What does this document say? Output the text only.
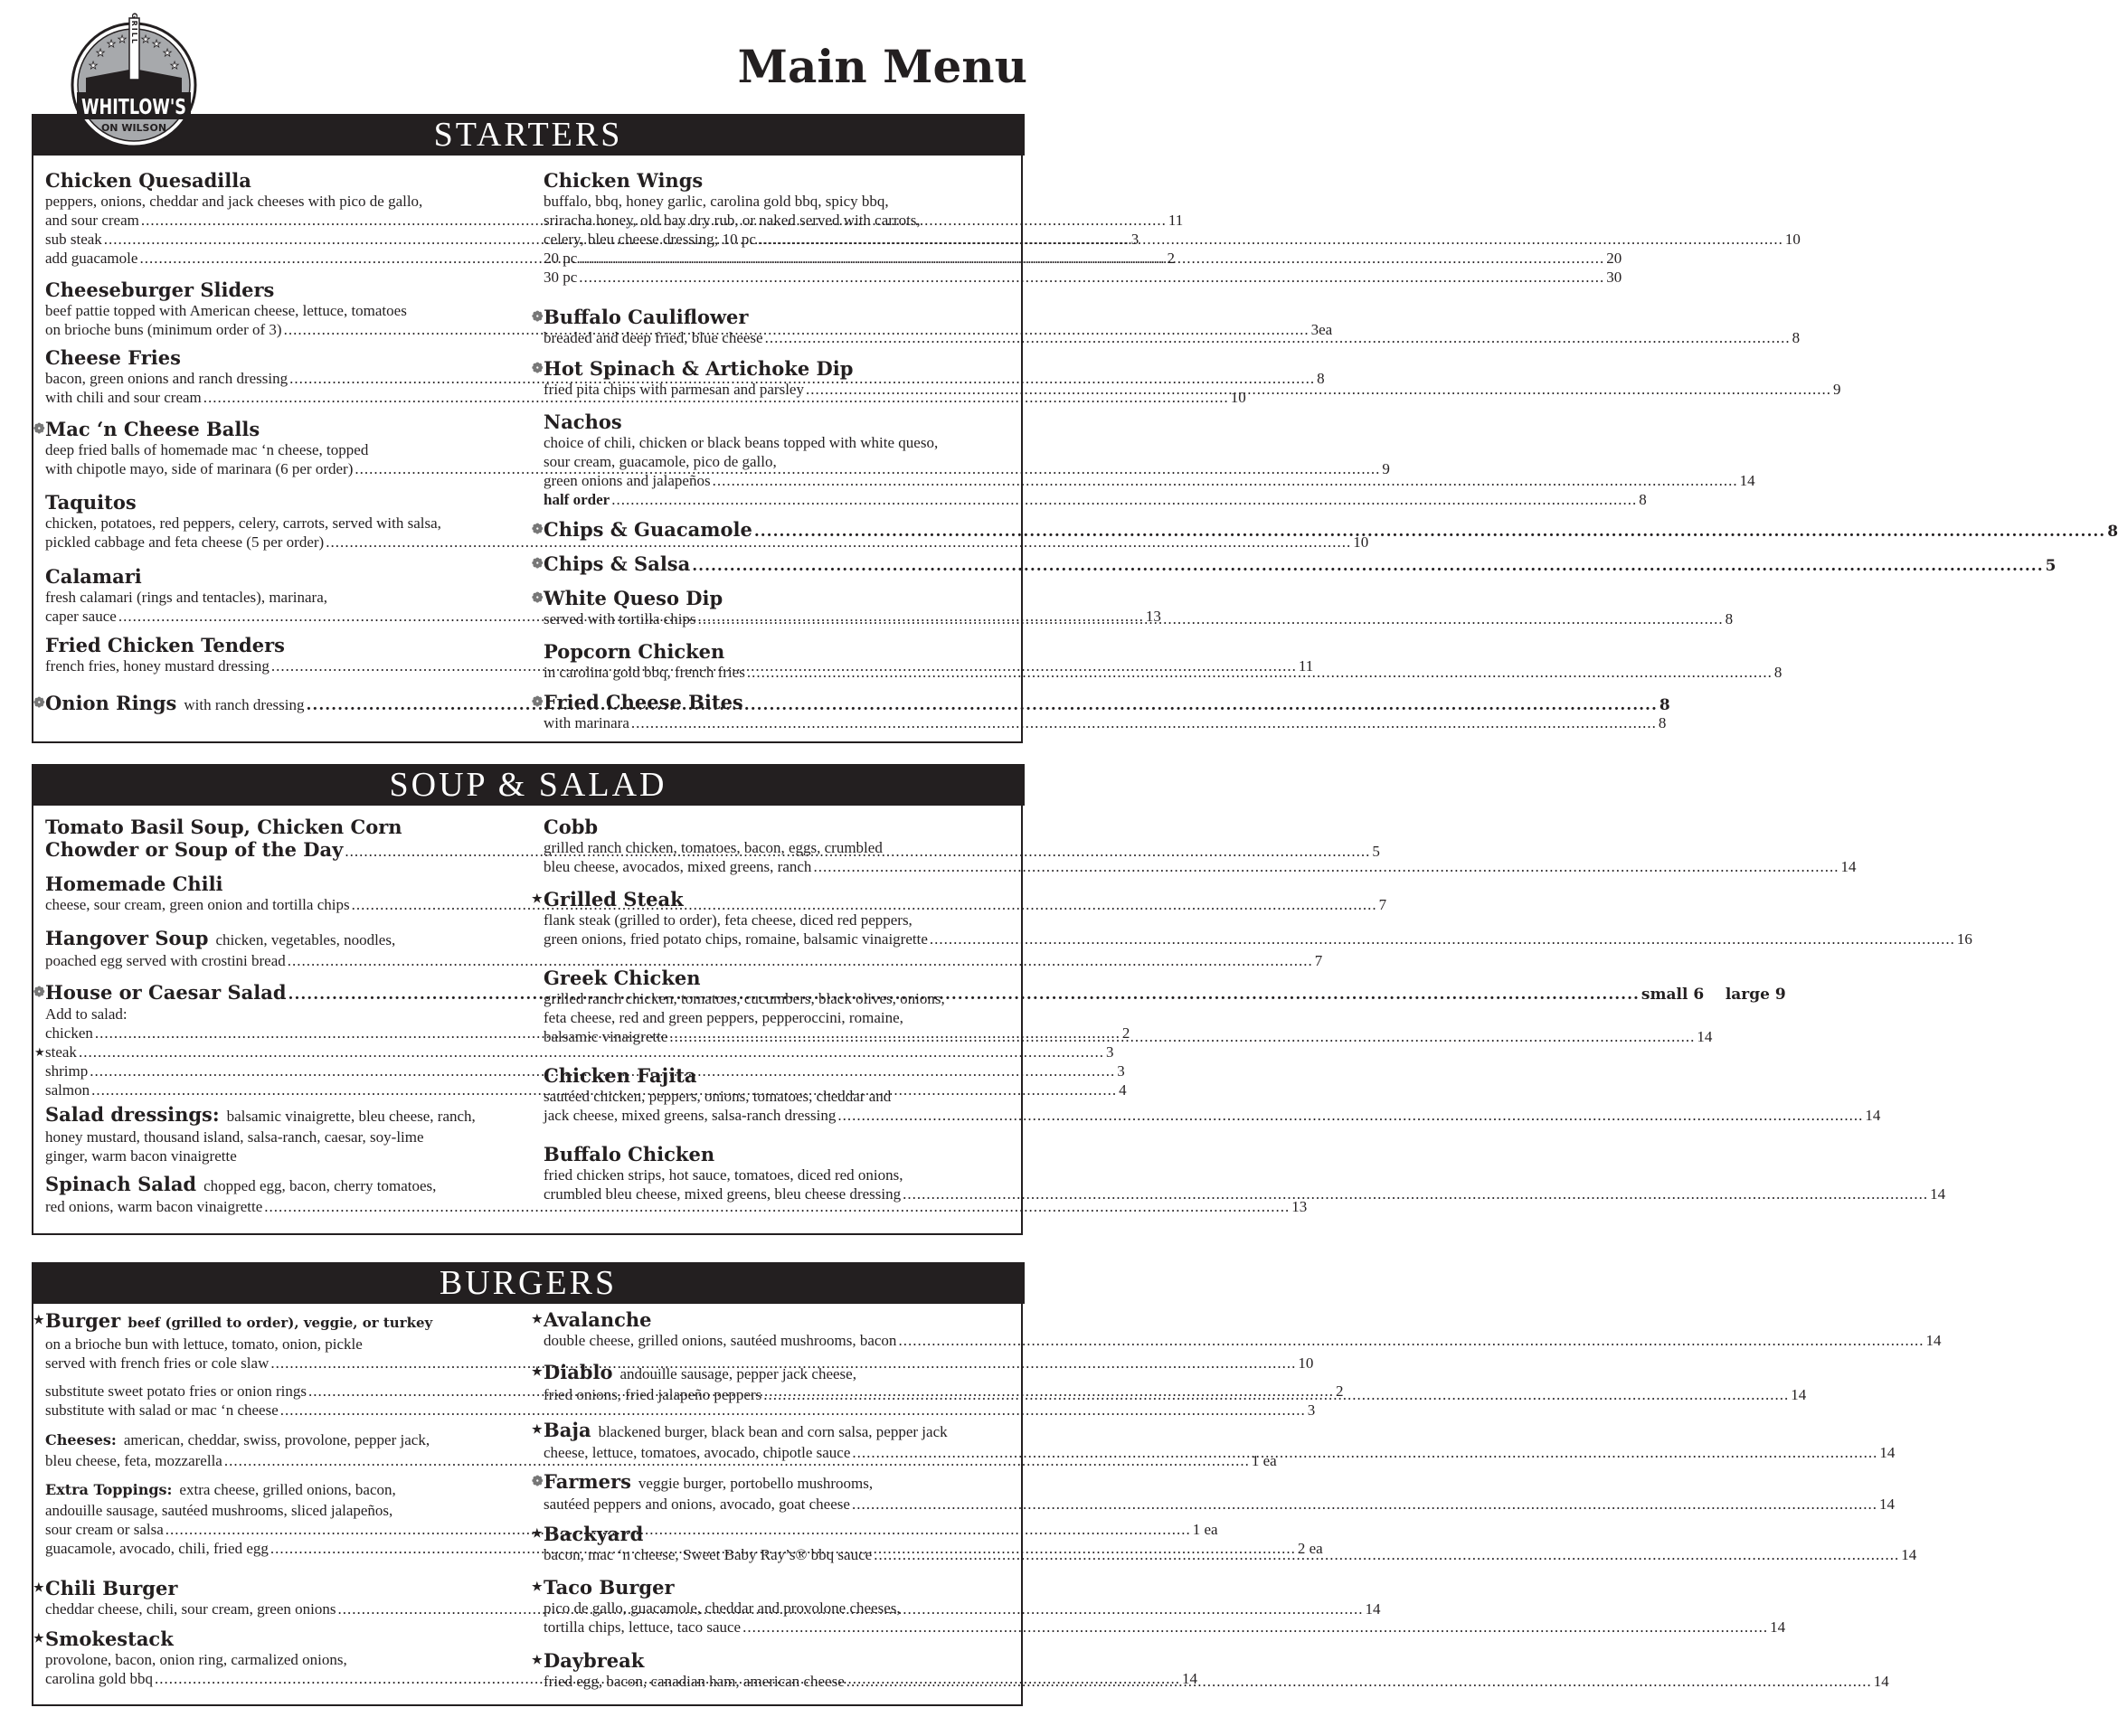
★
★
★ ★ ★ ★
★
★
GRILL
WHITLOW'S
ON WILSON
Main Menu
STARTERS
Chicken Quesadilla
peppers, onions, cheddar and jack cheeses with pico de gallo,
and sour cream .....	11
sub steak .....	3
add guacamole .....	2
Cheeseburger Sliders
beef pattie topped with American cheese, lettuce, tomatoes
on brioche buns (minimum order of 3) .....	3ea
Cheese Fries
bacon, green onions and ranch dressing .....	8
with chili and sour cream .....	10
❁ Mac ‘n Cheese Balls
deep fried balls of homemade mac ‘n cheese, topped
with chipotle mayo, side of marinara (6 per order) .....	9
Taquitos
chicken, potatoes, red peppers, celery, carrots, served with salsa,
pickled cabbage and feta cheese (5 per order) .....	10
Calamari
fresh calamari (rings and tentacles), marinara,
caper sauce .....	13
Fried Chicken Tenders
french fries, honey mustard dressing .....	11
❁ Onion Rings with ranch dressing .....	8
Chicken Wings
buffalo, bbq, honey garlic, carolina gold bbq, spicy bbq,
sriracha honey, old bay dry rub, or naked served with carrots,
celery, bleu cheese dressing; 10 pc .....	10
20 pc .....	20
30 pc .....	30
❁ Buffalo Cauliflower
breaded and deep fried, blue cheese .....	8
❁ Hot Spinach & Artichoke Dip
fried pita chips with parmesan and parsley .....	9
Nachos
choice of chili, chicken or black beans topped with white queso,
sour cream, guacamole, pico de gallo,
green onions and jalapeños .....	14
half order .....	8
❁ Chips & Guacamole .....	8
❁ Chips & Salsa .....	5
❁ White Queso Dip
served with tortilla chips .....	8
Popcorn Chicken
in carolina gold bbq, french fries .....	8
❁ Fried Cheese Bites
with marinara .....	8
SOUP & SALAD
Tomato Basil Soup, Chicken Corn
Chowder or Soup of the Day .....	5
Homemade Chili
cheese, sour cream, green onion and tortilla chips .....	7
Hangover Soup chicken, vegetables, noodles,
poached egg served with crostini bread .....	7
❁ House or Caesar Salad .....	small 6    large 9
Add to salad:
chicken .....	2
★ steak .....	3
shrimp .....	3
salmon .....	4
Salad dressings: balsamic vinaigrette, bleu cheese, ranch,
honey mustard, thousand island, salsa-ranch, caesar, soy-lime
ginger, warm bacon vinaigrette
Spinach Salad chopped egg, bacon, cherry tomatoes,
red onions, warm bacon vinaigrette .....	13
Cobb
grilled ranch chicken, tomatoes, bacon, eggs, crumbled
bleu cheese, avocados, mixed greens, ranch .....	14
★ Grilled Steak
flank steak (grilled to order), feta cheese, diced red peppers,
green onions, fried potato chips, romaine, balsamic vinaigrette .....	16
Greek Chicken
grilled ranch chicken, tomatoes, cucumbers, black olives, onions,
feta cheese, red and green peppers, pepperoccini, romaine,
balsamic vinaigrette .....	14
Chicken Fajita
sautéed chicken, peppers, onions, tomatoes, cheddar and
jack cheese, mixed greens, salsa-ranch dressing .....	14
Buffalo Chicken
fried chicken strips, hot sauce, tomatoes, diced red onions,
crumbled bleu cheese, mixed greens, bleu cheese dressing .....	14
BURGERS
★ Burger beef (grilled to order), veggie, or turkey
on a brioche bun with lettuce, tomato, onion, pickle
served with french fries or cole slaw .....	10
substitute sweet potato fries or onion rings .....	2
substitute with salad or mac ‘n cheese .....	3
Cheeses: american, cheddar, swiss, provolone, pepper jack,
bleu cheese, feta, mozzarella .....	1 ea
Extra Toppings: extra cheese, grilled onions, bacon,
andouille sausage, sautéed mushrooms, sliced jalapeños,
sour cream or salsa .....	1 ea
guacamole, avocado, chili, fried egg .....	2 ea
★ Chili Burger
cheddar cheese, chili, sour cream, green onions .....	14
★ Smokestack
provolone, bacon, onion ring, carmalized onions,
carolina gold bbq .....	14
★ Avalanche
double cheese, grilled onions, sautéed mushrooms, bacon .....	14
★ Diablo andouille sausage, pepper jack cheese,
fried onions, fried jalapeño peppers .....	14
★ Baja blackened burger, black bean and corn salsa, pepper jack
cheese, lettuce, tomatoes, avocado, chipotle sauce .....	14
❁ Farmers veggie burger, portobello mushrooms,
sautéed peppers and onions, avocado, goat cheese .....	14
★ Backyard
bacon, mac ‘n cheese, Sweet Baby Ray’s® bbq sauce .....	14
★ Taco Burger
pico de gallo, guacamole, cheddar and provolone cheeses,
tortilla chips, lettuce, taco sauce .....	14
★ Daybreak
fried egg, bacon, canadian ham, american cheese .....	14
